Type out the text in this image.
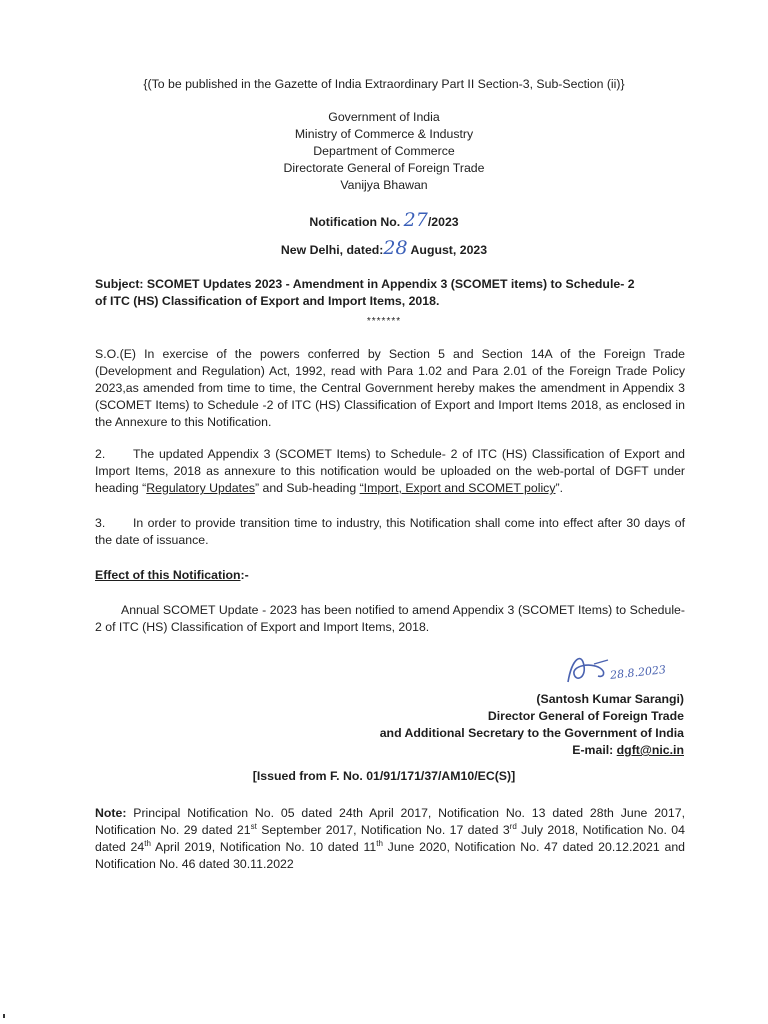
{(To be published in the Gazette of India Extraordinary Part II Section-3, Sub-Section (ii)}
Government of India
Ministry of Commerce & Industry
Department of Commerce
Directorate General of Foreign Trade
Vanijya Bhawan
Notification No. 27/2023
New Delhi, dated:28 August, 2023
Subject: SCOMET Updates 2023 - Amendment in Appendix 3 (SCOMET items) to Schedule- 2
of ITC (HS) Classification of Export and Import Items, 2018.
*******
S.O.(E) In exercise of the powers conferred by Section 5 and Section 14A of the Foreign Trade (Development and Regulation) Act, 1992, read with Para 1.02 and Para 2.01 of the Foreign Trade Policy 2023,as amended from time to time, the Central Government hereby makes the amendment in Appendix 3 (SCOMET Items) to Schedule -2 of ITC (HS) Classification of Export and Import Items 2018, as enclosed in the Annexure to this Notification.
2. The updated Appendix 3 (SCOMET Items) to Schedule- 2 of ITC (HS) Classification of Export and Import Items, 2018 as annexure to this notification would be uploaded on the web-portal of DGFT under heading “Regulatory Updates” and Sub-heading “Import, Export and SCOMET policy”.
3. In order to provide transition time to industry, this Notification shall come into effect after 30 days of the date of issuance.
Effect of this Notification:-
Annual SCOMET Update - 2023 has been notified to amend Appendix 3 (SCOMET Items) to Schedule-2 of ITC (HS) Classification of Export and Import Items, 2018.
28.8.2023
(Santosh Kumar Sarangi)
Director General of Foreign Trade
and Additional Secretary to the Government of India
E-mail: dgft@nic.in
[Issued from F. No. 01/91/171/37/AM10/EC(S)]
Note: Principal Notification No. 05 dated 24th April 2017, Notification No. 13 dated 28th June 2017, Notification No. 29 dated 21st September 2017, Notification No. 17 dated 3rd July 2018, Notification No. 04 dated 24th April 2019, Notification No. 10 dated 11th June 2020, Notification No. 47 dated 20.12.2021 and Notification No. 46 dated 30.11.2022
